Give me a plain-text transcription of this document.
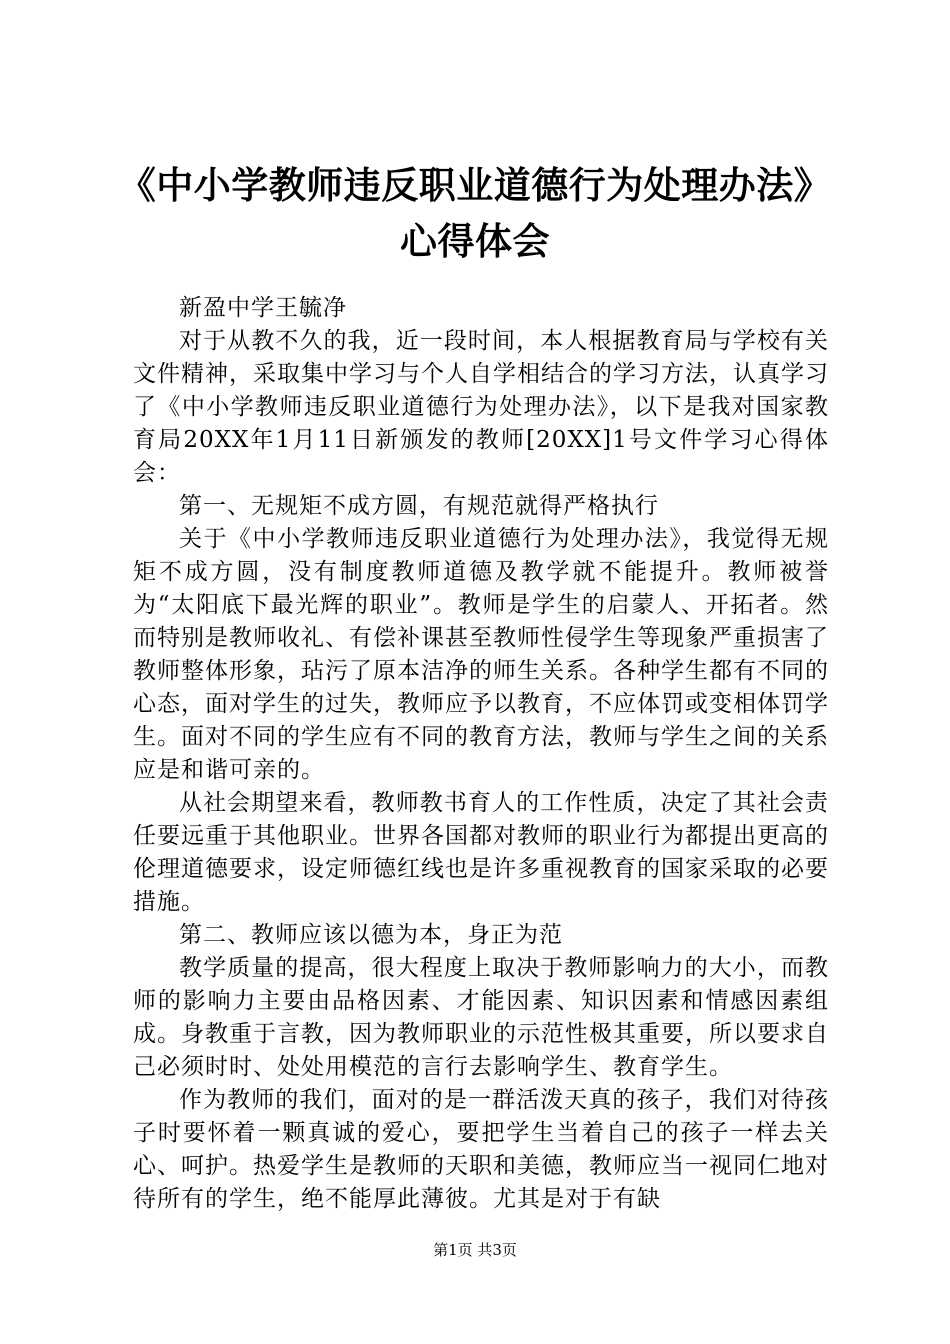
《中小学教师违反职业道德行为处理办法》心得体会

新盈中学王毓净

对于从教不久的我，近一段时间，本人根据教育局与学校有关文件精神，采取集中学习与个人自学相结合的学习方法，认真学习了《中小学教师违反职业道德行为处理办法》，以下是我对国家教育局20XX年1月11日新颁发的教师[20XX]1号文件学习心得体会：

第一、无规矩不成方圆，有规范就得严格执行

关于《中小学教师违反职业道德行为处理办法》，我觉得无规矩不成方圆，没有制度教师道德及教学就不能提升。教师被誉为“太阳底下最光辉的职业”。教师是学生的启蒙人、开拓者。然而特别是教师收礼、有偿补课甚至教师性侵学生等现象严重损害了教师整体形象，玷污了原本洁净的师生关系。各种学生都有不同的心态，面对学生的过失，教师应予以教育，不应体罚或变相体罚学生。面对不同的学生应有不同的教育方法，教师与学生之间的关系应是和谐可亲的。

从社会期望来看，教师教书育人的工作性质，决定了其社会责任要远重于其他职业。世界各国都对教师的职业行为都提出更高的伦理道德要求，设定师德红线也是许多重视教育的国家采取的必要措施。

第二、教师应该以德为本，身正为范

教学质量的提高，很大程度上取决于教师影响力的大小，而教师的影响力主要由品格因素、才能因素、知识因素和情感因素组成。身教重于言教，因为教师职业的示范性极其重要，所以要求自己必须时时、处处用模范的言行去影响学生、教育学生。

作为教师的我们，面对的是一群活泼天真的孩子，我们对待孩子时要怀着一颗真诚的爱心，要把学生当着自己的孩子一样去关心、呵护。热爱学生是教师的天职和美德，教师应当一视同仁地对待所有的学生，绝不能厚此薄彼。尤其是对于有缺

第1页 共3页
